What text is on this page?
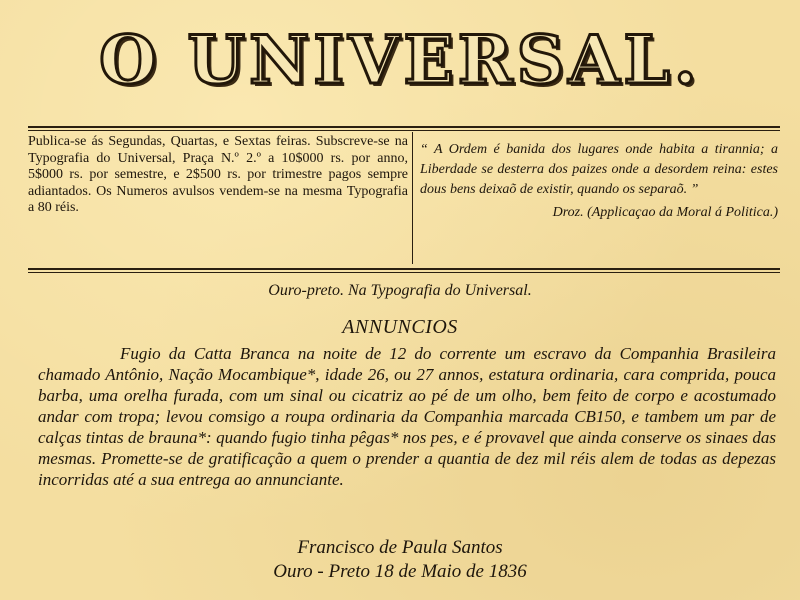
O UNIVERSAL.
Publica-se ás Segundas, Quartas, e Sextas feiras. Subscreve-se na Typografia do Universal, Praça N.º 2.º a 10$000 rs. por anno, 5$000 rs. por semestre, e 2$500 rs. por trimestre pagos sempre adiantados. Os Numeros avulsos vendem-se na mesma Typografia a 80 réis.
“ A Ordem é banida dos lugares onde habita a tirannia; a Liberdade se desterra dos paizes onde a desordem reina: estes dous bens deixaõ de existir, quando os separaõ. ”
Droz. (Applicaçao da Moral á Politica.)
Ouro-preto. Na Typografia do Universal.
ANNUNCIOS
Fugio da Catta Branca na noite de 12 do corrente um escravo da Companhia Brasileira chamado Antônio, Nação Mocambique*, idade 26, ou 27 annos, estatura ordinaria, cara comprida, pouca barba, uma orelha furada, com um sinal ou cicatriz ao pé de um olho, bem feito de corpo e acostumado andar com tropa; levou comsigo a roupa ordinaria da Companhia marcada CB150, e tambem um par de calças tintas de brauna*: quando fugio tinha pêgas* nos pes, e é provavel que ainda conserve os sinaes das mesmas. Promette-se de gratificação a quem o prender a quantia de dez mil réis alem de todas as depezas incorridas até a sua entrega ao annunciante.
Francisco de Paula Santos
Ouro - Preto 18 de Maio de 1836
